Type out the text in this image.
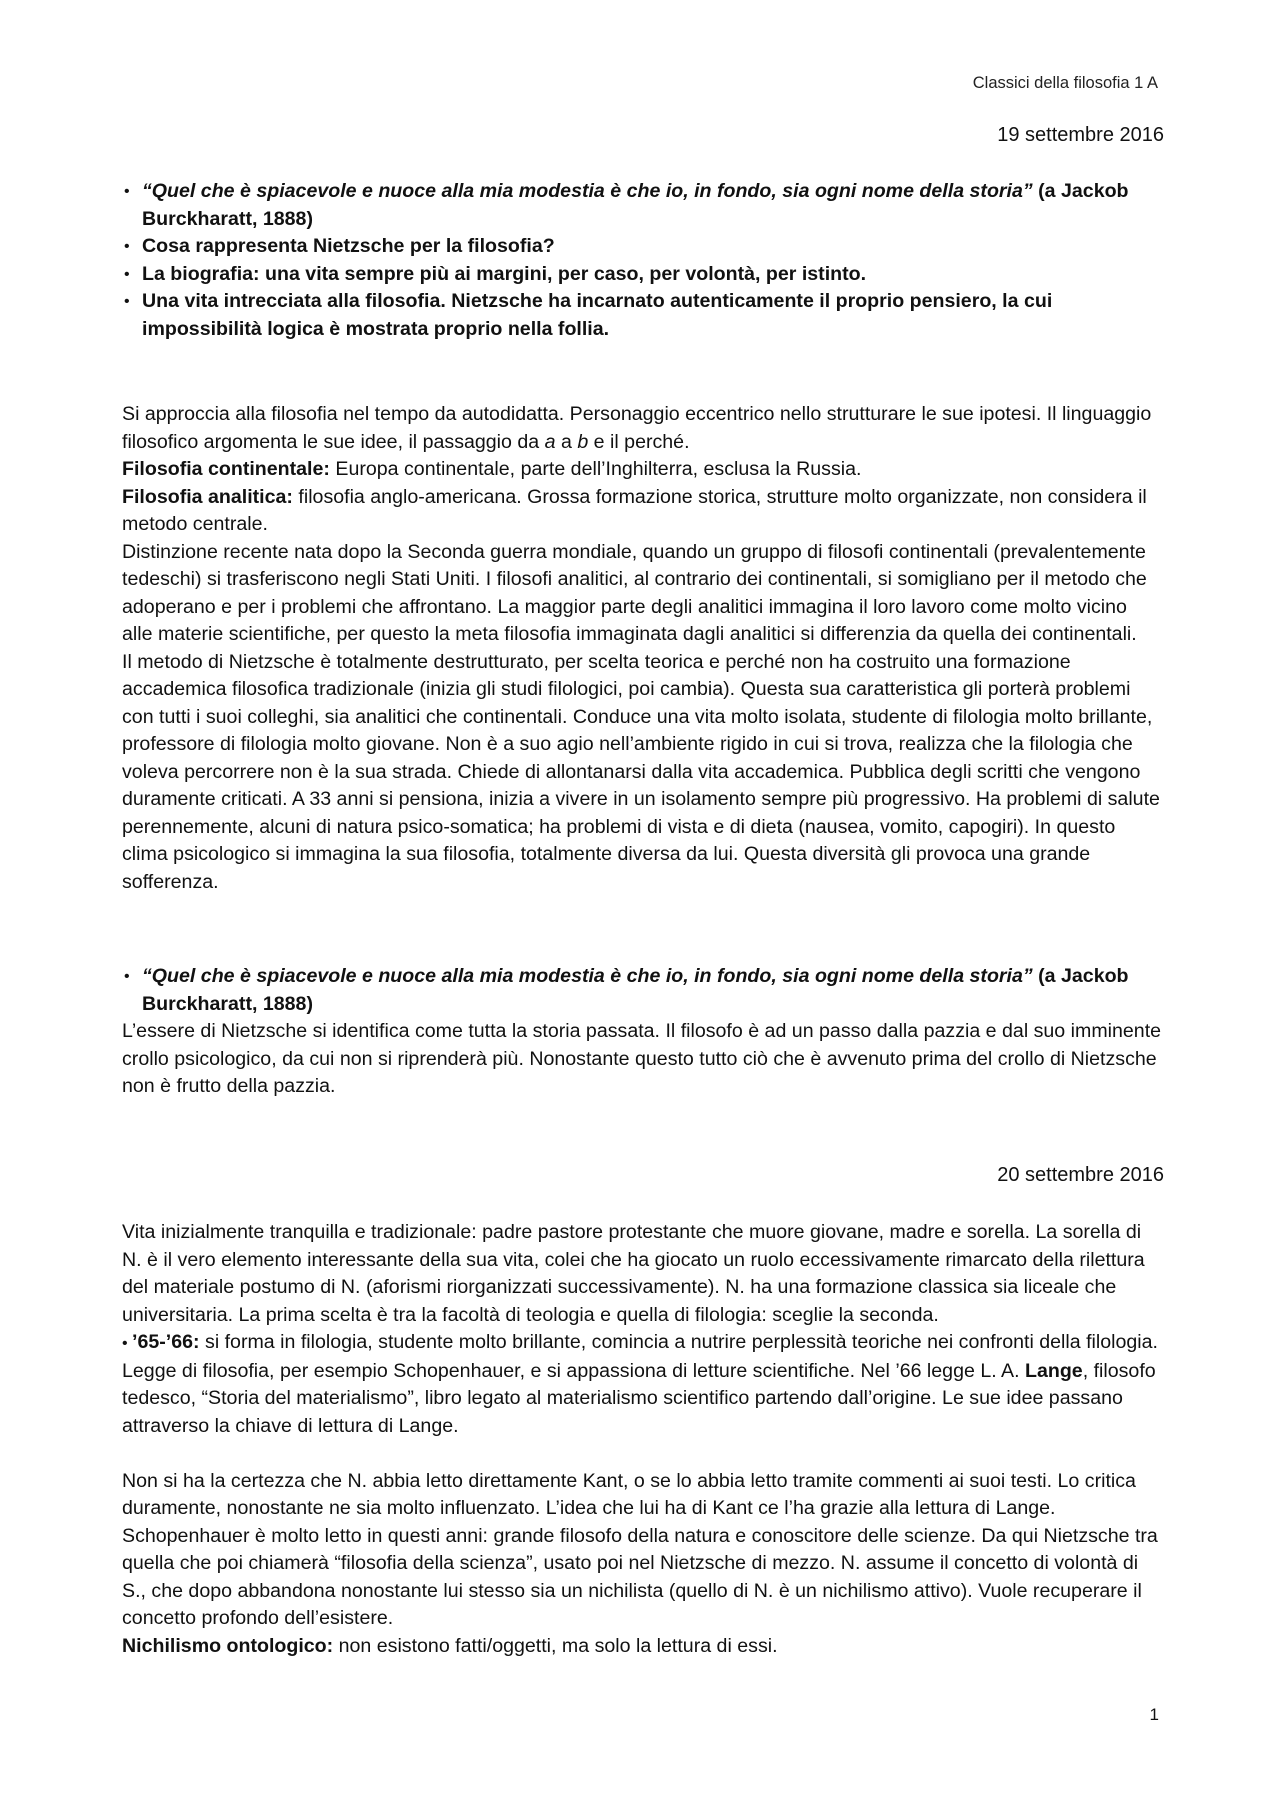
Classici della filosofia 1 A
19 settembre 2016
• “Quel che è spiacevole e nuoce alla mia modestia è che io, in fondo, sia ogni nome della storia” (a Jackob Burckharatt, 1888)
• Cosa rappresenta Nietzsche per la filosofia?
• La biografia: una vita sempre più ai margini, per caso, per volontà, per istinto.
• Una vita intrecciata alla filosofia. Nietzsche ha incarnato autenticamente il proprio pensiero, la cui impossibilità logica è mostrata proprio nella follia.

Si approccia alla filosofia nel tempo da autodidatta. Personaggio eccentrico nello strutturare le sue ipotesi. Il linguaggio filosofico argomenta le sue idee, il passaggio da a a b e il perché.

Filosofia continentale: Europa continentale, parte dell’Inghilterra, esclusa la Russia.

Filosofia analitica: filosofia anglo-americana. Grossa formazione storica, strutture molto organizzate, non considera il metodo centrale.

Distinzione recente nata dopo la Seconda guerra mondiale, quando un gruppo di filosofi continentali (prevalentemente tedeschi) si trasferiscono negli Stati Uniti. I filosofi analitici, al contrario dei continentali, si somigliano per il metodo che adoperano e per i problemi che affrontano. La maggior parte degli analitici immagina il loro lavoro come molto vicino alle materie scientifiche, per questo la meta filosofia immaginata dagli analitici si differenzia da quella dei continentali.

Il metodo di Nietzsche è totalmente destrutturato, per scelta teorica e perché non ha costruito una formazione accademica filosofica tradizionale (inizia gli studi filologici, poi cambia). Questa sua caratteristica gli porterà problemi con tutti i suoi colleghi, sia analitici che continentali. Conduce una vita molto isolata, studente di filologia molto brillante, professore di filologia molto giovane. Non è a suo agio nell’ambiente rigido in cui si trova, realizza che la filologia che voleva percorrere non è la sua strada. Chiede di allontanarsi dalla vita accademica. Pubblica degli scritti che vengono duramente criticati. A 33 anni si pensiona, inizia a vivere in un isolamento sempre più progressivo. Ha problemi di salute perennemente, alcuni di natura psico-somatica; ha problemi di vista e di dieta (nausea, vomito, capogiri). In questo clima psicologico si immagina la sua filosofia, totalmente diversa da lui. Questa diversità gli provoca una grande sofferenza.

• “Quel che è spiacevole e nuoce alla mia modestia è che io, in fondo, sia ogni nome della storia” (a Jackob Burckharatt, 1888)

L’essere di Nietzsche si identifica come tutta la storia passata. Il filosofo è ad un passo dalla pazzia e dal suo imminente crollo psicologico, da cui non si riprenderà più. Nonostante questo tutto ciò che è avvenuto prima del crollo di Nietzsche non è frutto della pazzia.

20 settembre 2016

Vita inizialmente tranquilla e tradizionale: padre pastore protestante che muore giovane, madre e sorella. La sorella di N. è il vero elemento interessante della sua vita, colei che ha giocato un ruolo eccessivamente rimarcato della rilettura del materiale postumo di N. (aforismi riorganizzati successivamente). N. ha una formazione classica sia liceale che universitaria. La prima scelta è tra la facoltà di teologia e quella di filologia: sceglie la seconda.

• ’65-’66: si forma in filologia, studente molto brillante, comincia a nutrire perplessità teoriche nei confronti della filologia. Legge di filosofia, per esempio Schopenhauer, e si appassiona di letture scientifiche. Nel ’66 legge L. A. Lange, filosofo tedesco, “Storia del materialismo”, libro legato al materialismo scientifico partendo dall’origine. Le sue idee passano attraverso la chiave di lettura di Lange.

Non si ha la certezza che N. abbia letto direttamente Kant, o se lo abbia letto tramite commenti ai suoi testi. Lo critica duramente, nonostante ne sia molto influenzato. L’idea che lui ha di Kant ce l’ha grazie alla lettura di Lange. Schopenhauer è molto letto in questi anni: grande filosofo della natura e conoscitore delle scienze. Da qui Nietzsche tra quella che poi chiamerà “filosofia della scienza”, usato poi nel Nietzsche di mezzo. N. assume il concetto di volontà di S., che dopo abbandona nonostante lui stesso sia un nichilista (quello di N. è un nichilismo attivo). Vuole recuperare il concetto profondo dell’esistere.

Nichilismo ontologico: non esistono fatti/oggetti, ma solo la lettura di essi.

1
